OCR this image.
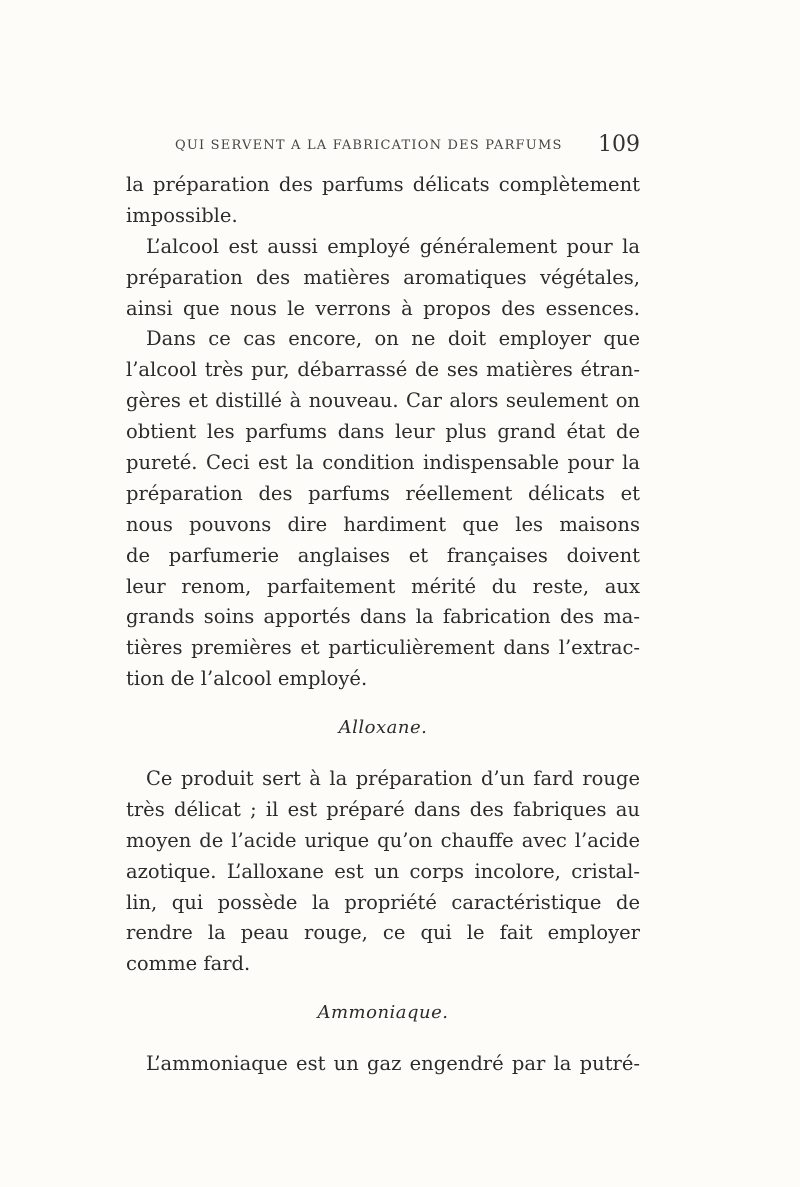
QUI SERVENT A LA FABRICATION DES PARFUMS 109
la préparation des parfums délicats complètement
impossible.
L’alcool est aussi employé généralement pour la
préparation des matières aromatiques végétales,
ainsi que nous le verrons à propos des essences.
Dans ce cas encore, on ne doit employer que
l’alcool très pur, débarrassé de ses matières étran-
gères et distillé à nouveau. Car alors seulement on
obtient les parfums dans leur plus grand état de
pureté. Ceci est la condition indispensable pour la
préparation des parfums réellement délicats et
nous pouvons dire hardiment que les maisons
de parfumerie anglaises et françaises doivent
leur renom, parfaitement mérité du reste, aux
grands soins apportés dans la fabrication des ma-
tières premières et particulièrement dans l’extrac-
tion de l’alcool employé.
Alloxane.
Ce produit sert à la préparation d’un fard rouge
très délicat ; il est préparé dans des fabriques au
moyen de l’acide urique qu’on chauffe avec l’acide
azotique. L’alloxane est un corps incolore, cristal-
lin, qui possède la propriété caractéristique de
rendre la peau rouge, ce qui le fait employer
comme fard.
Ammoniaque.
L’ammoniaque est un gaz engendré par la putré-
